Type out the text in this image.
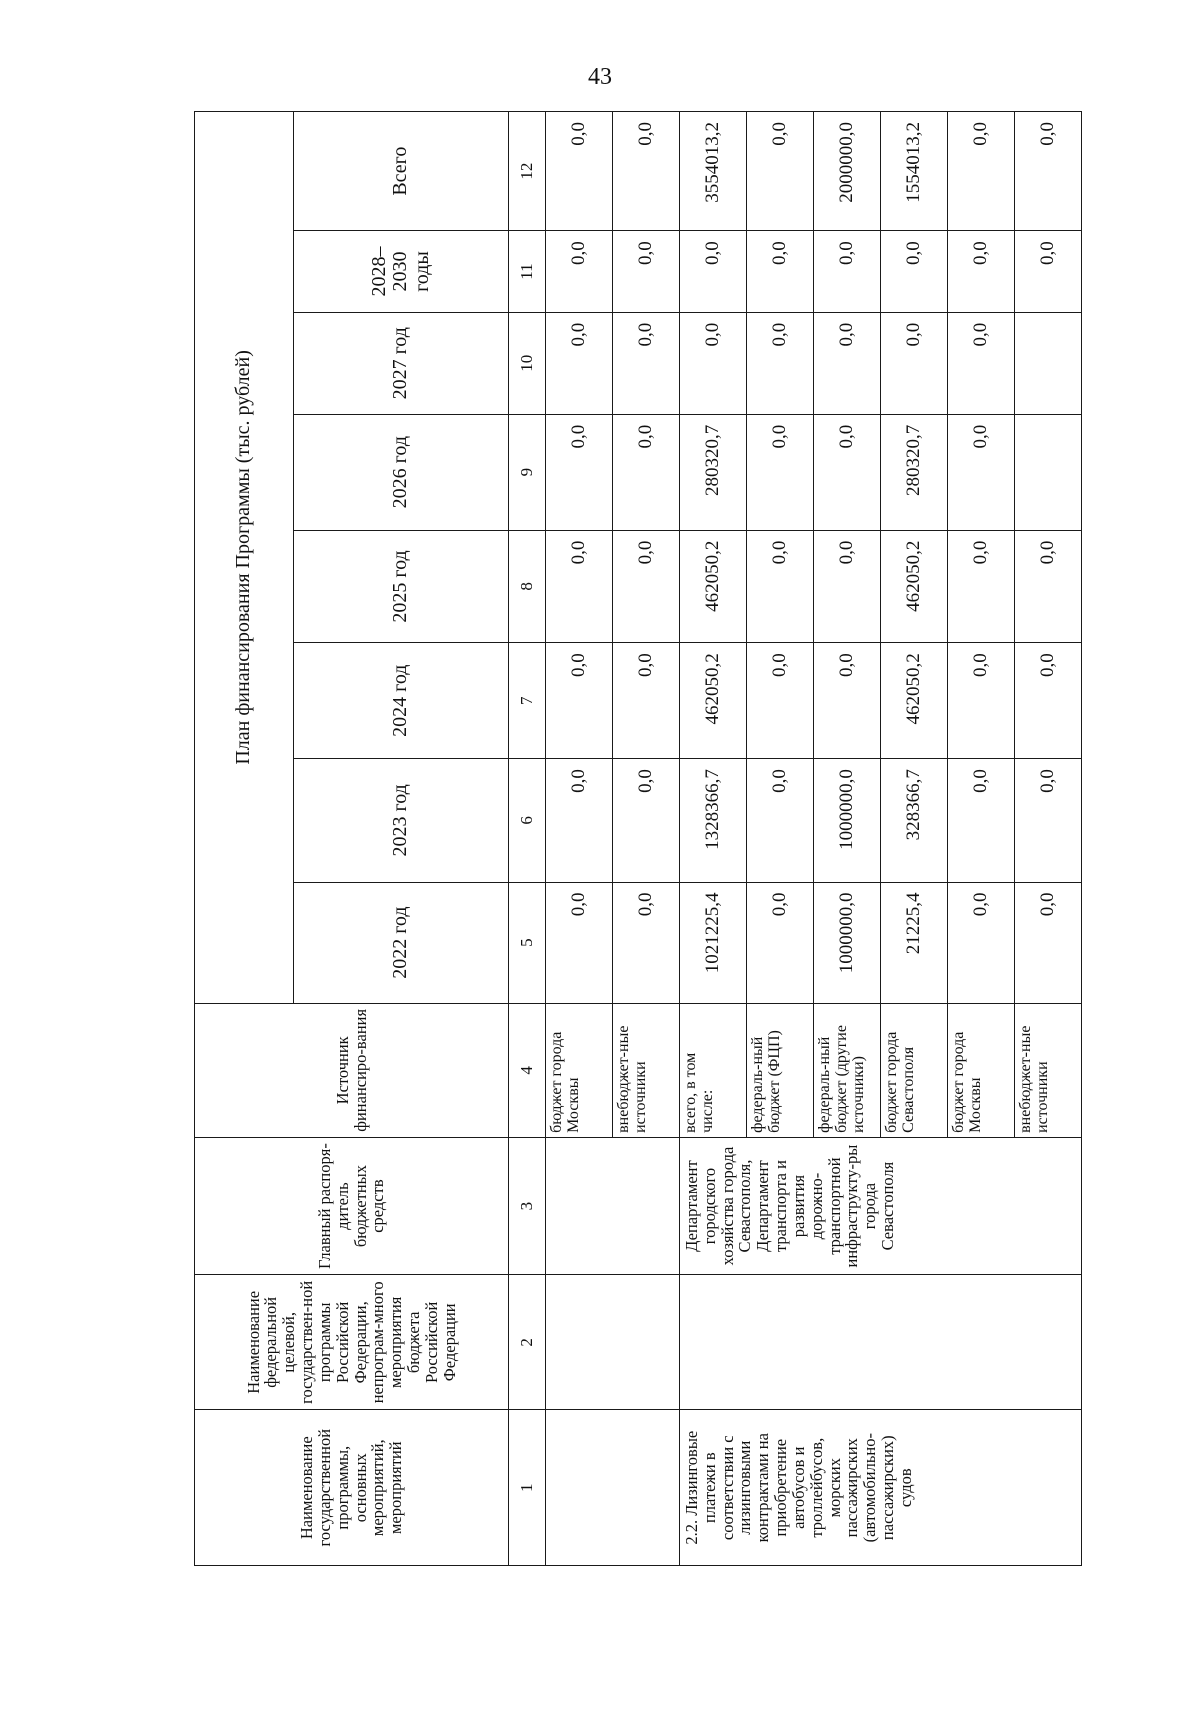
43
Наименование государственной программы, основных мероприятий, мероприятий	Наименование федеральной целевой, государствен-ной программы Российской Федерации, непрограм-много мероприятия бюджета Российской Федерации	Главный распоря-дитель бюджетных средств	Источник финансиро-вания	План финансирования Программы (тыс. рублей)							
				2022 год	2023 год	2024 год	2025 год	2026 год	2027 год	2028–2030 годы	Всего
1	2	3	4	5	6	7	8	9	10	11	12
			бюджет города Москвы	0,0	0,0	0,0	0,0	0,0	0,0	0,0	0,0
			внебюджет-ные источники	0,0	0,0	0,0	0,0	0,0	0,0	0,0	0,0
2.2. Лизинговые платежи в соответствии с лизинговыми контрактами на приобретение автобусов и троллейбусов, морских пассажирских (автомобильно-пассажирских) судов		Департамент городского хозяйства города Севастополя, Департамент транспорта и развития дорожно-транспортной инфраструкту-ры города Севастополя	всего, в том числе:	1021225,4	1328366,7	462050,2	462050,2	280320,7	0,0	0,0	3554013,2
			федераль-ный бюджет (ФЦП)	0,0	0,0	0,0	0,0	0,0	0,0	0,0	0,0
			федераль-ный бюджет (другие источники)	1000000,0	1000000,0	0,0	0,0	0,0	0,0	0,0	2000000,0
			бюджет города Севастополя	21225,4	328366,7	462050,2	462050,2	280320,7	0,0	0,0	1554013,2
			бюджет города Москвы	0,0	0,0	0,0	0,0	0,0	0,0	0,0	0,0
			внебюджет-ные источники	0,0	0,0	0,0	0,0			0,0	0,0
